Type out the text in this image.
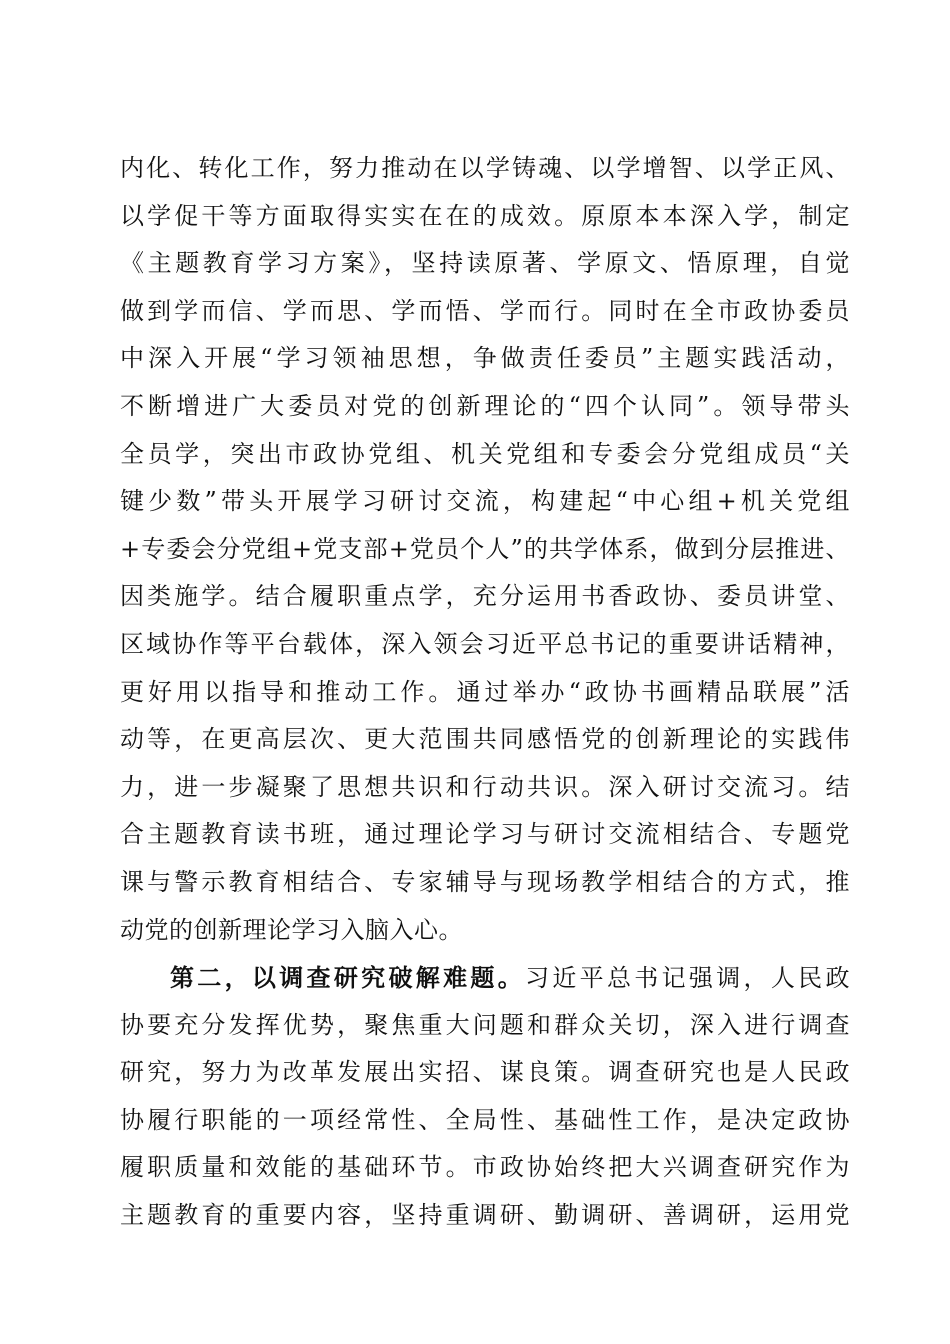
内化、转化工作，努力推动在以学铸魂、以学增智、以学正风、
以学促干等方面取得实实在在的成效。原原本本深入学，制定
《主题教育学习方案》，坚持读原著、学原文、悟原理，自觉
做到学而信、学而思、学而悟、学而行。同时在全市政协委员
中深入开展“学习领袖思想，争做责任委员”主题实践活动，
不断增进广大委员对党的创新理论的“四个认同”。领导带头
全员学，突出市政协党组、机关党组和专委会分党组成员“关
键少数”带头开展学习研讨交流，构建起“中心组+机关党组
+专委会分党组+党支部+党员个人”的共学体系，做到分层推进、
因类施学。结合履职重点学，充分运用书香政协、委员讲堂、
区域协作等平台载体，深入领会习近平总书记的重要讲话精神，
更好用以指导和推动工作。通过举办“政协书画精品联展”活
动等，在更高层次、更大范围共同感悟党的创新理论的实践伟
力，进一步凝聚了思想共识和行动共识。深入研讨交流习。结
合主题教育读书班，通过理论学习与研讨交流相结合、专题党
课与警示教育相结合、专家辅导与现场教学相结合的方式，推
动党的创新理论学习入脑入心。
第二，以调查研究破解难题。习近平总书记强调，人民政
协要充分发挥优势，聚焦重大问题和群众关切，深入进行调查
研究，努力为改革发展出实招、谋良策。调查研究也是人民政
协履行职能的一项经常性、全局性、基础性工作，是决定政协
履职质量和效能的基础环节。市政协始终把大兴调查研究作为
主题教育的重要内容，坚持重调研、勤调研、善调研，运用党
